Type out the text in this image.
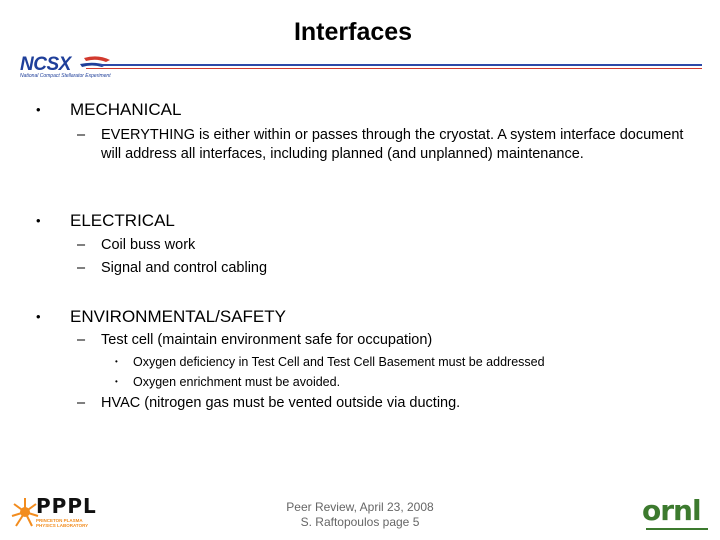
Interfaces
NCSX
National Compact Stellarator Experiment
• MECHANICAL
– EVERYTHING is either within or passes through the cryostat. A system interface document will address all interfaces, including planned (and unplanned) maintenance.
• ELECTRICAL
– Coil buss work
– Signal and control cabling
• ENVIRONMENTAL/SAFETY
– Test cell (maintain environment safe for occupation)
• Oxygen deficiency in Test Cell and Test Cell Basement must be addressed
• Oxygen enrichment must be avoided.
– HVAC (nitrogen gas must be vented outside via ducting.
PPPL
PRINCETON PLASMA PHYSICS LABORATORY
Peer Review, April 23, 2008
S. Raftopoulos page 5	ornl
